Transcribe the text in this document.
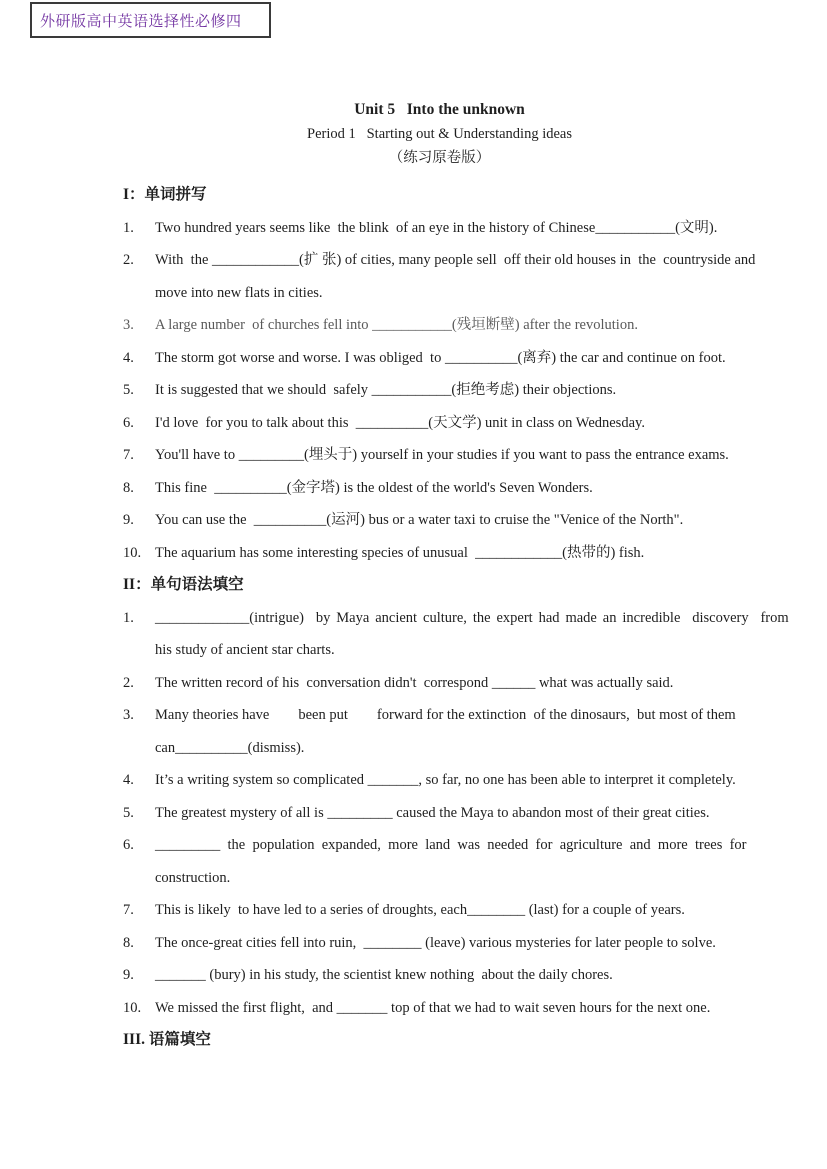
外研版高中英语选择性必修四
Unit 5   Into the unknown
Period 1   Starting out & Understanding ideas
（练习原卷版）
I：单词拼写
1.	Two hundred years seems like  the blink  of an eye in the history of Chinese___________(文明).
2.	With  the ____________(扩 张) of cities, many people sell  off their old houses in  the  countryside and
move into new flats in cities.
3.	A large number  of churches fell into ___________(残垣断壁) after the revolution.
4.	The storm got worse and worse. I was obliged  to __________(离弃) the car and continue on foot.
5.	It is suggested that we should  safely ___________(拒绝考虑) their objections.
6.	I'd love  for you to talk about this  __________(天文学) unit in class on Wednesday.
7.	You'll have to _________(埋头于) yourself in your studies if you want to pass the entrance exams.
8.	This fine  __________(金字塔) is the oldest of the world's Seven Wonders.
9.	You can use the  __________(运河) bus or a water taxi to cruise the "Venice of the North".
10. The aquarium has some interesting species of unusual  ____________(热带的) fish.
II：单句语法填空
1.	_____________(intrigue)  by Maya ancient culture, the expert had made an incredible  discovery  from
his study of ancient star charts.
2.	The written record of his  conversation didn't  correspond ______ what was actually said.
3.	Many theories have        been put        forward for the extinction  of the dinosaurs,  but most of them
can__________(dismiss).
4.	It’s a writing system so complicated _______, so far, no one has been able to interpret it completely.
5.	The greatest mystery of all is _________ caused the Maya to abandon most of their great cities.
6.	_________  the  population  expanded,  more  land  was  needed  for  agriculture  and  more  trees  for
construction.
7.	This is likely  to have led to a series of droughts, each________ (last) for a couple of years.
8.	The once-great cities fell into ruin,  ________ (leave) various mysteries for later people to solve.
9.	_______ (bury) in his study, the scientist knew nothing  about the daily chores.
10. We missed the first flight,  and _______ top of that we had to wait seven hours for the next one.
III. 语篇填空
